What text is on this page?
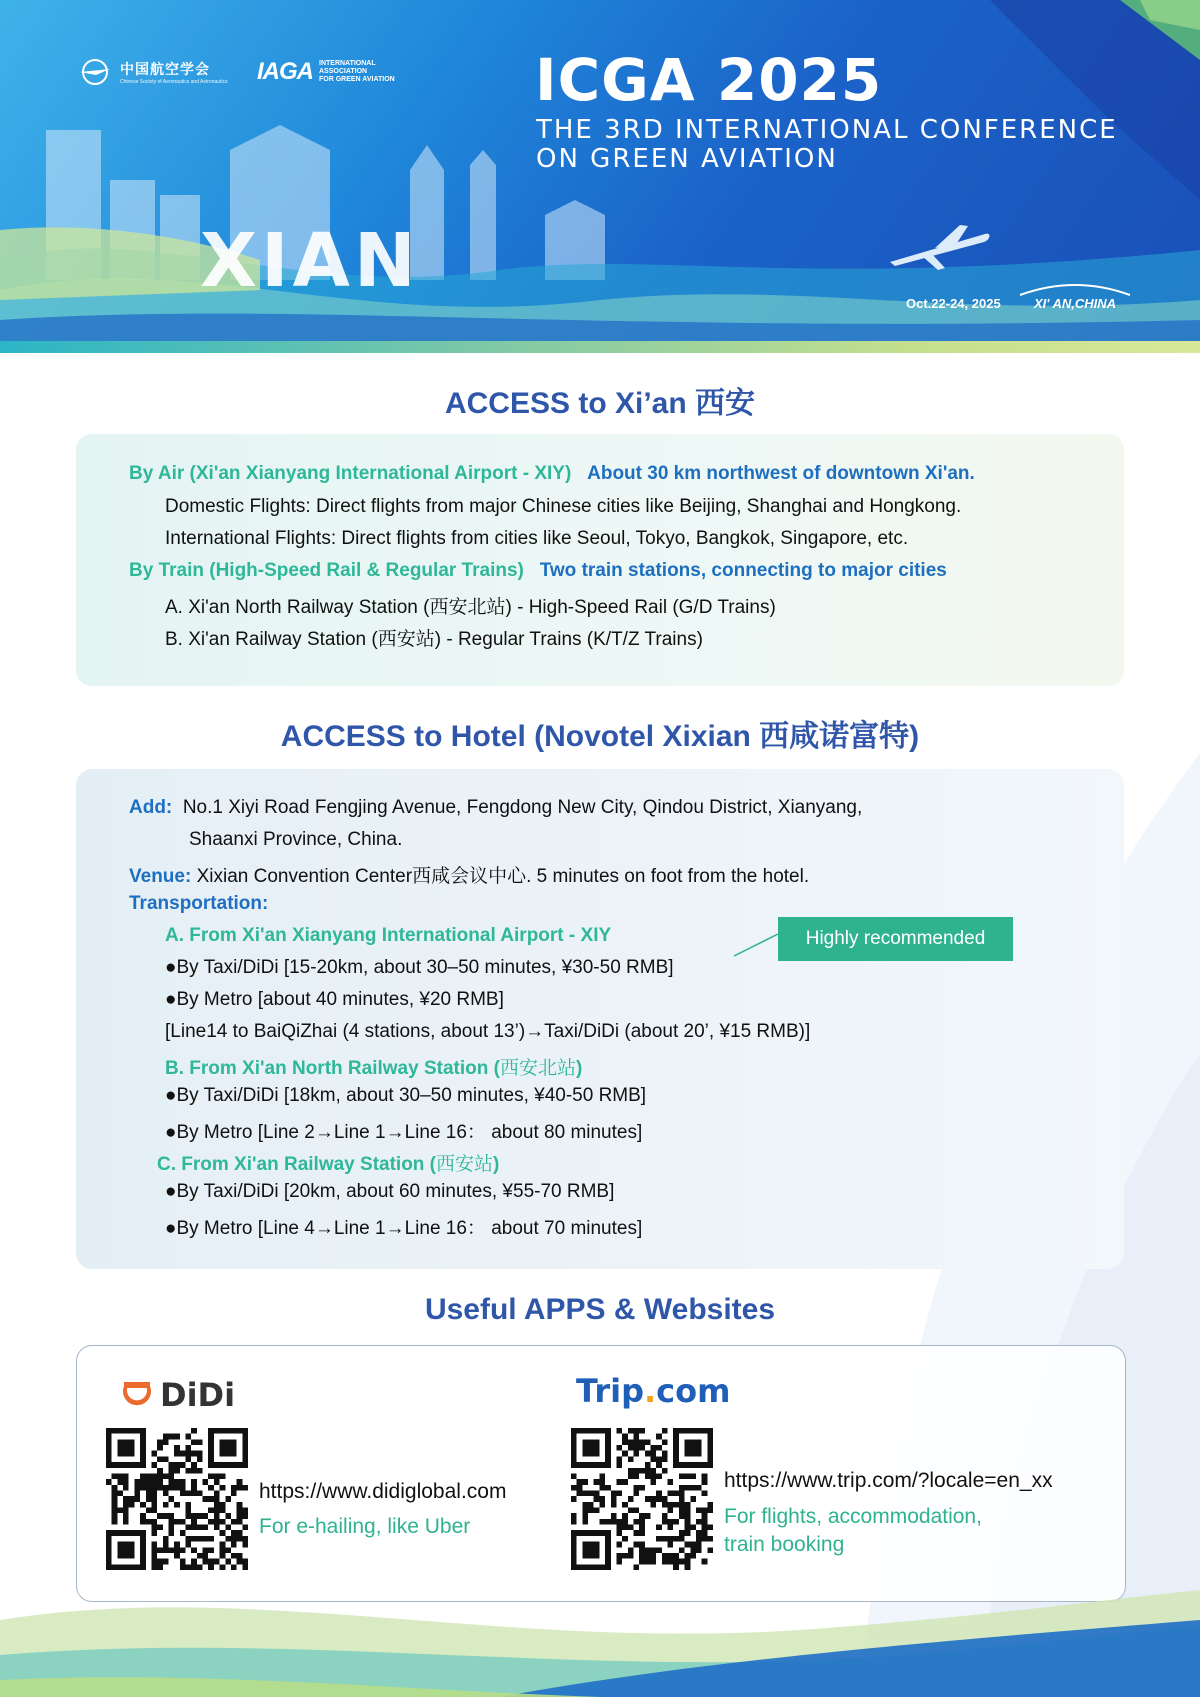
中国航空学会
Chinese Society of Aeronautics and Astronautics IAGA INTERNATIONAL
ASSOCIATION
FOR GREEN AVIATION ICGA 2025
THE 3RD INTERNATIONAL CONFERENCE
ON GREEN AVIATION
XIAN	Oct.22-24, 2025	XI' AN,CHINA
ACCESS to Xi’an 西安
By Air (Xi'an Xianyang International Airport - XIY) About 30 km northwest of downtown Xi'an.
Domestic Flights: Direct flights from major Chinese cities like Beijing, Shanghai and Hongkong.
International Flights: Direct flights from cities like Seoul, Tokyo, Bangkok, Singapore, etc.
By Train (High-Speed Rail & Regular Trains) Two train stations, connecting to major cities
A. Xi'an North Railway Station (西安北站) - High-Speed Rail (G/D Trains)
B. Xi'an Railway Station (西安站) - Regular Trains (K/T/Z Trains)
ACCESS to Hotel (Novotel Xixian 西咸诺富特)
Add: No.1 Xiyi Road Fengjing Avenue, Fengdong New City, Qindou District, Xianyang,
Shaanxi Province, China.
Venue: Xixian Convention Center西咸会议中心. 5 minutes on foot from the hotel.
Transportation:
A. From Xi'an Xianyang International Airport - XIY
●By Taxi/DiDi [15-20km, about 30–50 minutes, ¥30-50 RMB]
●By Metro [about 40 minutes, ¥20 RMB]
[Line14 to BaiQiZhai (4 stations, about 13’)→Taxi/DiDi (about 20’, ¥15 RMB)]
Highly recommended
B. From Xi'an North Railway Station (西安北站)
●By Taxi/DiDi [18km, about 30–50 minutes, ¥40-50 RMB]
●By Metro [Line 2→Line 1→Line 16： about 80 minutes]
C. From Xi'an Railway Station (西安站)
●By Taxi/DiDi [20km, about 60 minutes, ¥55-70 RMB]
●By Metro [Line 4→Line 1→Line 16： about 70 minutes]
Useful APPS & Websites
DiDi	Trip.com
https://www.didiglobal.com
For e-hailing, like Uber
https://www.trip.com/?locale=en_xx
For flights, accommodation,
train booking
